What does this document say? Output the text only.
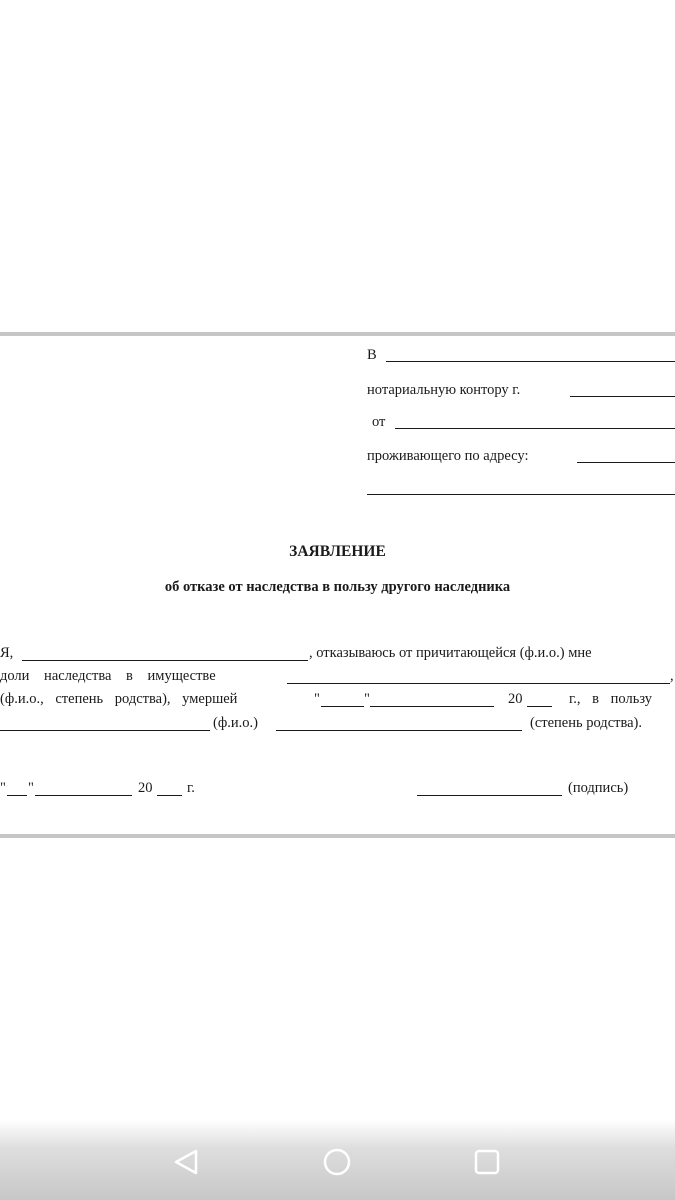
В
нотариальную контору г.
от
проживающего по адресу:
ЗАЯВЛЕНИЕ
об отказе от наследства в пользу другого наследника
Я,	, отказываюсь от причитающейся (ф.и.о.) мне
доли наследства в имуществе	,
(ф.и.о., степень родства), умершей	"	"	20	г., в пользу
(ф.и.о.)	(степень родства).
" "	20 г.	(подпись)
